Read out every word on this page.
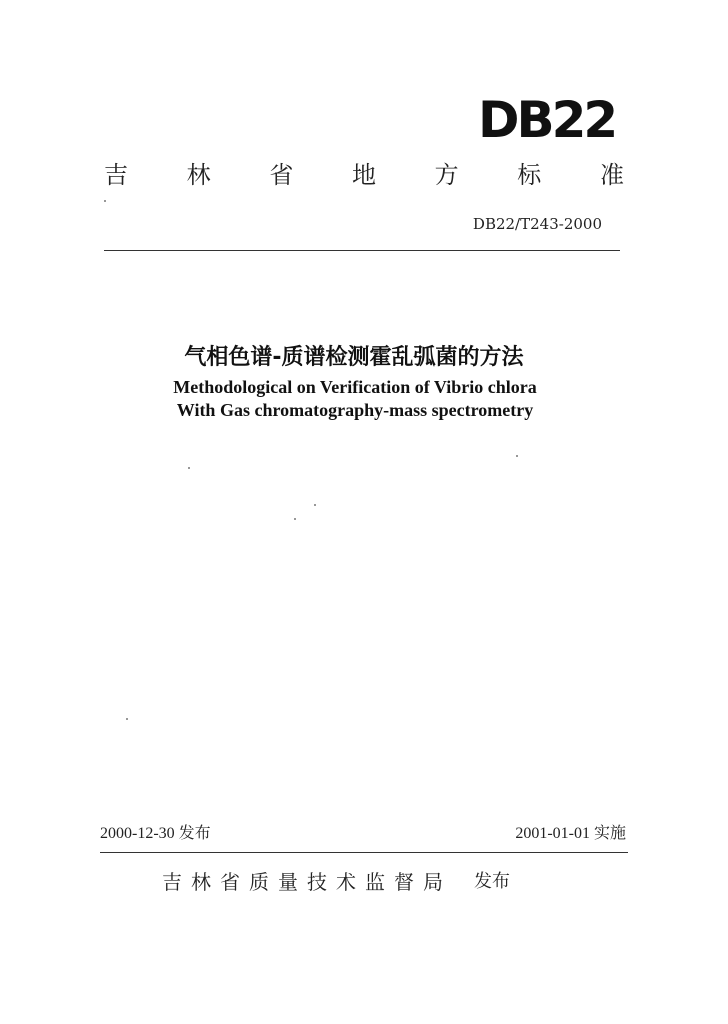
DB22
吉 林 省 地 方 标 准
DB22/T243-2000
气相色谱-质谱检测霍乱弧菌的方法
Methodological on Verification of Vibrio chlora
With Gas chromatography-mass spectrometry
2000-12-30 发布	2001-01-01 实施
吉林省质量技术监督局 发布
